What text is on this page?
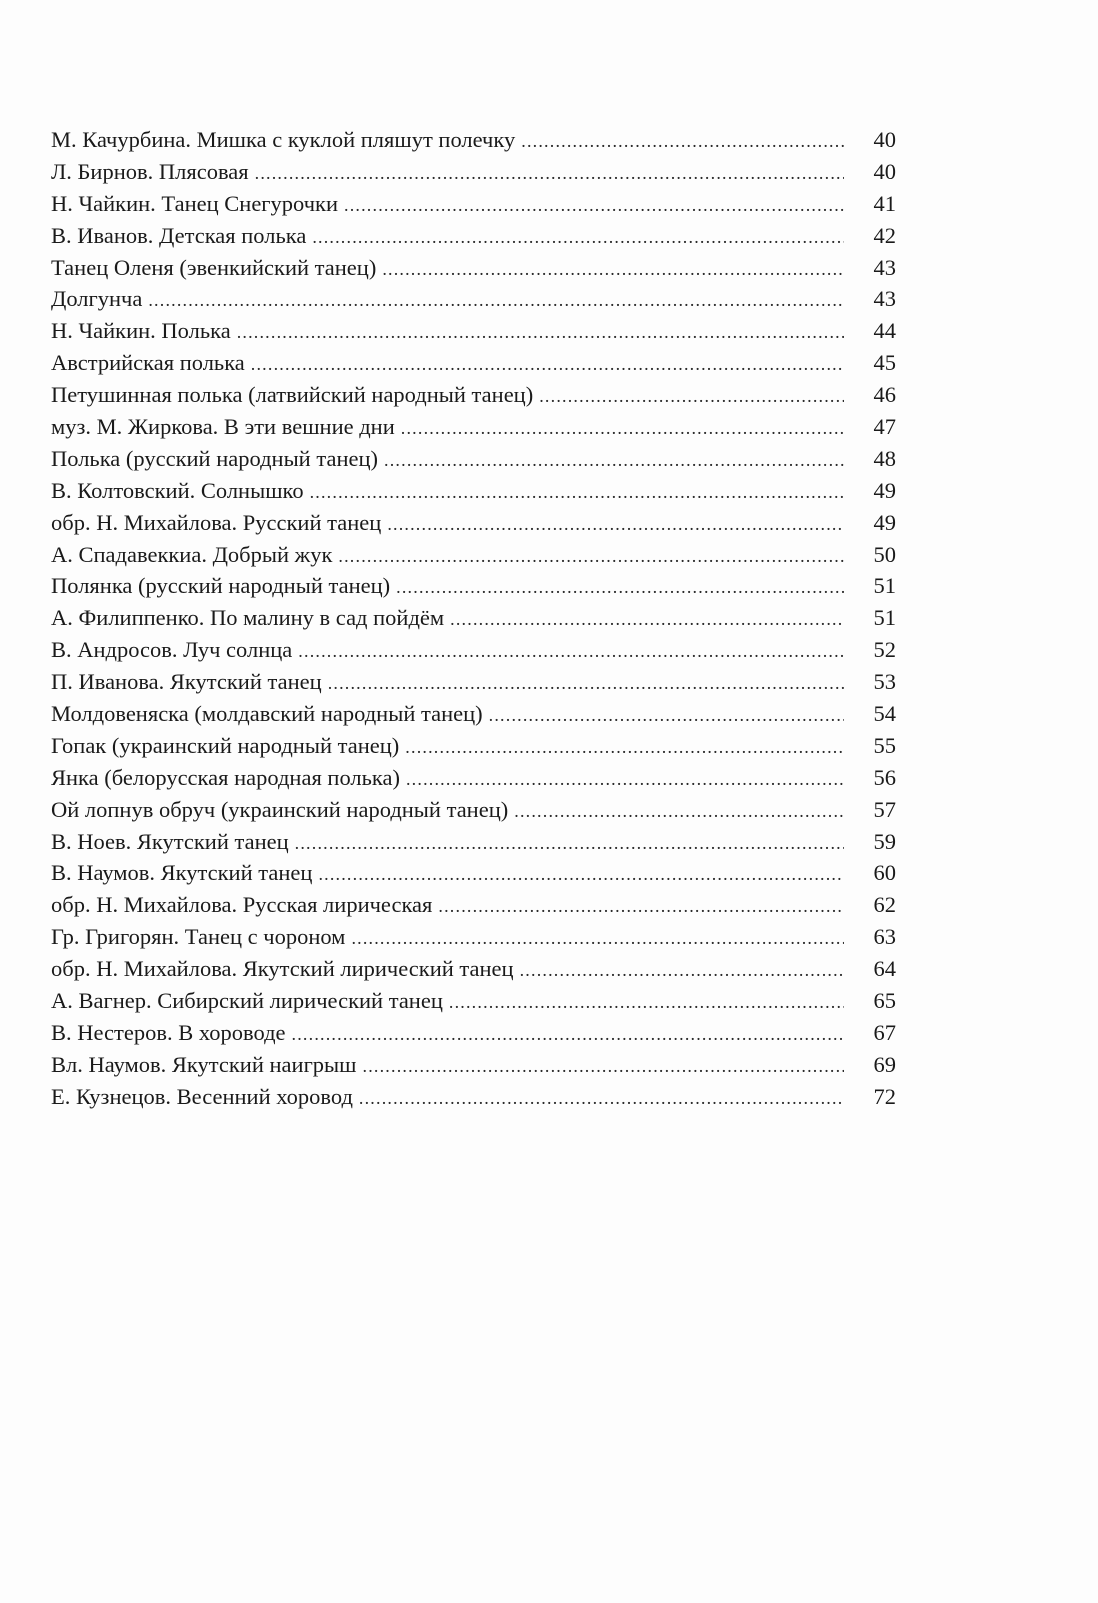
М. Качурбина. Мишка с куклой пляшут полечку .....	40
Л. Бирнов. Плясовая .....	40
Н. Чайкин. Танец Снегурочки .....	41
В. Иванов. Детская полька .....	42
Танец Оленя (эвенкийский танец) .....	43
Долгунча .....	43
Н. Чайкин. Полька .....	44
Австрийская полька .....	45
Петушинная полька (латвийский народный танец) .....	46
муз. М. Жиркова. В эти вешние дни .....	47
Полька (русский народный танец) .....	48
В. Колтовский. Солнышко .....	49
обр. Н. Михайлова. Русский танец .....	49
А. Спадавеккиа. Добрый жук .....	50
Полянка (русский народный танец) .....	51
А. Филиппенко. По малину в сад пойдём .....	51
В. Андросов. Луч солнца .....	52
П. Иванова. Якутский танец .....	53
Молдовеняска (молдавский народный танец) .....	54
Гопак (украинский народный танец) .....	55
Янка (белорусская народная полька) .....	56
Ой лопнув обруч (украинский народный танец) .....	57
В. Ноев. Якутский танец .....	59
В. Наумов. Якутский танец .....	60
обр. Н. Михайлова. Русская лирическая .....	62
Гр. Григорян. Танец с чороном .....	63
обр. Н. Михайлова. Якутский лирический танец .....	64
А. Вагнер. Сибирский лирический танец .....	65
В. Нестеров. В хороводе .....	67
Вл. Наумов. Якутский наигрыш .....	69
Е. Кузнецов. Весенний хоровод .....	72
